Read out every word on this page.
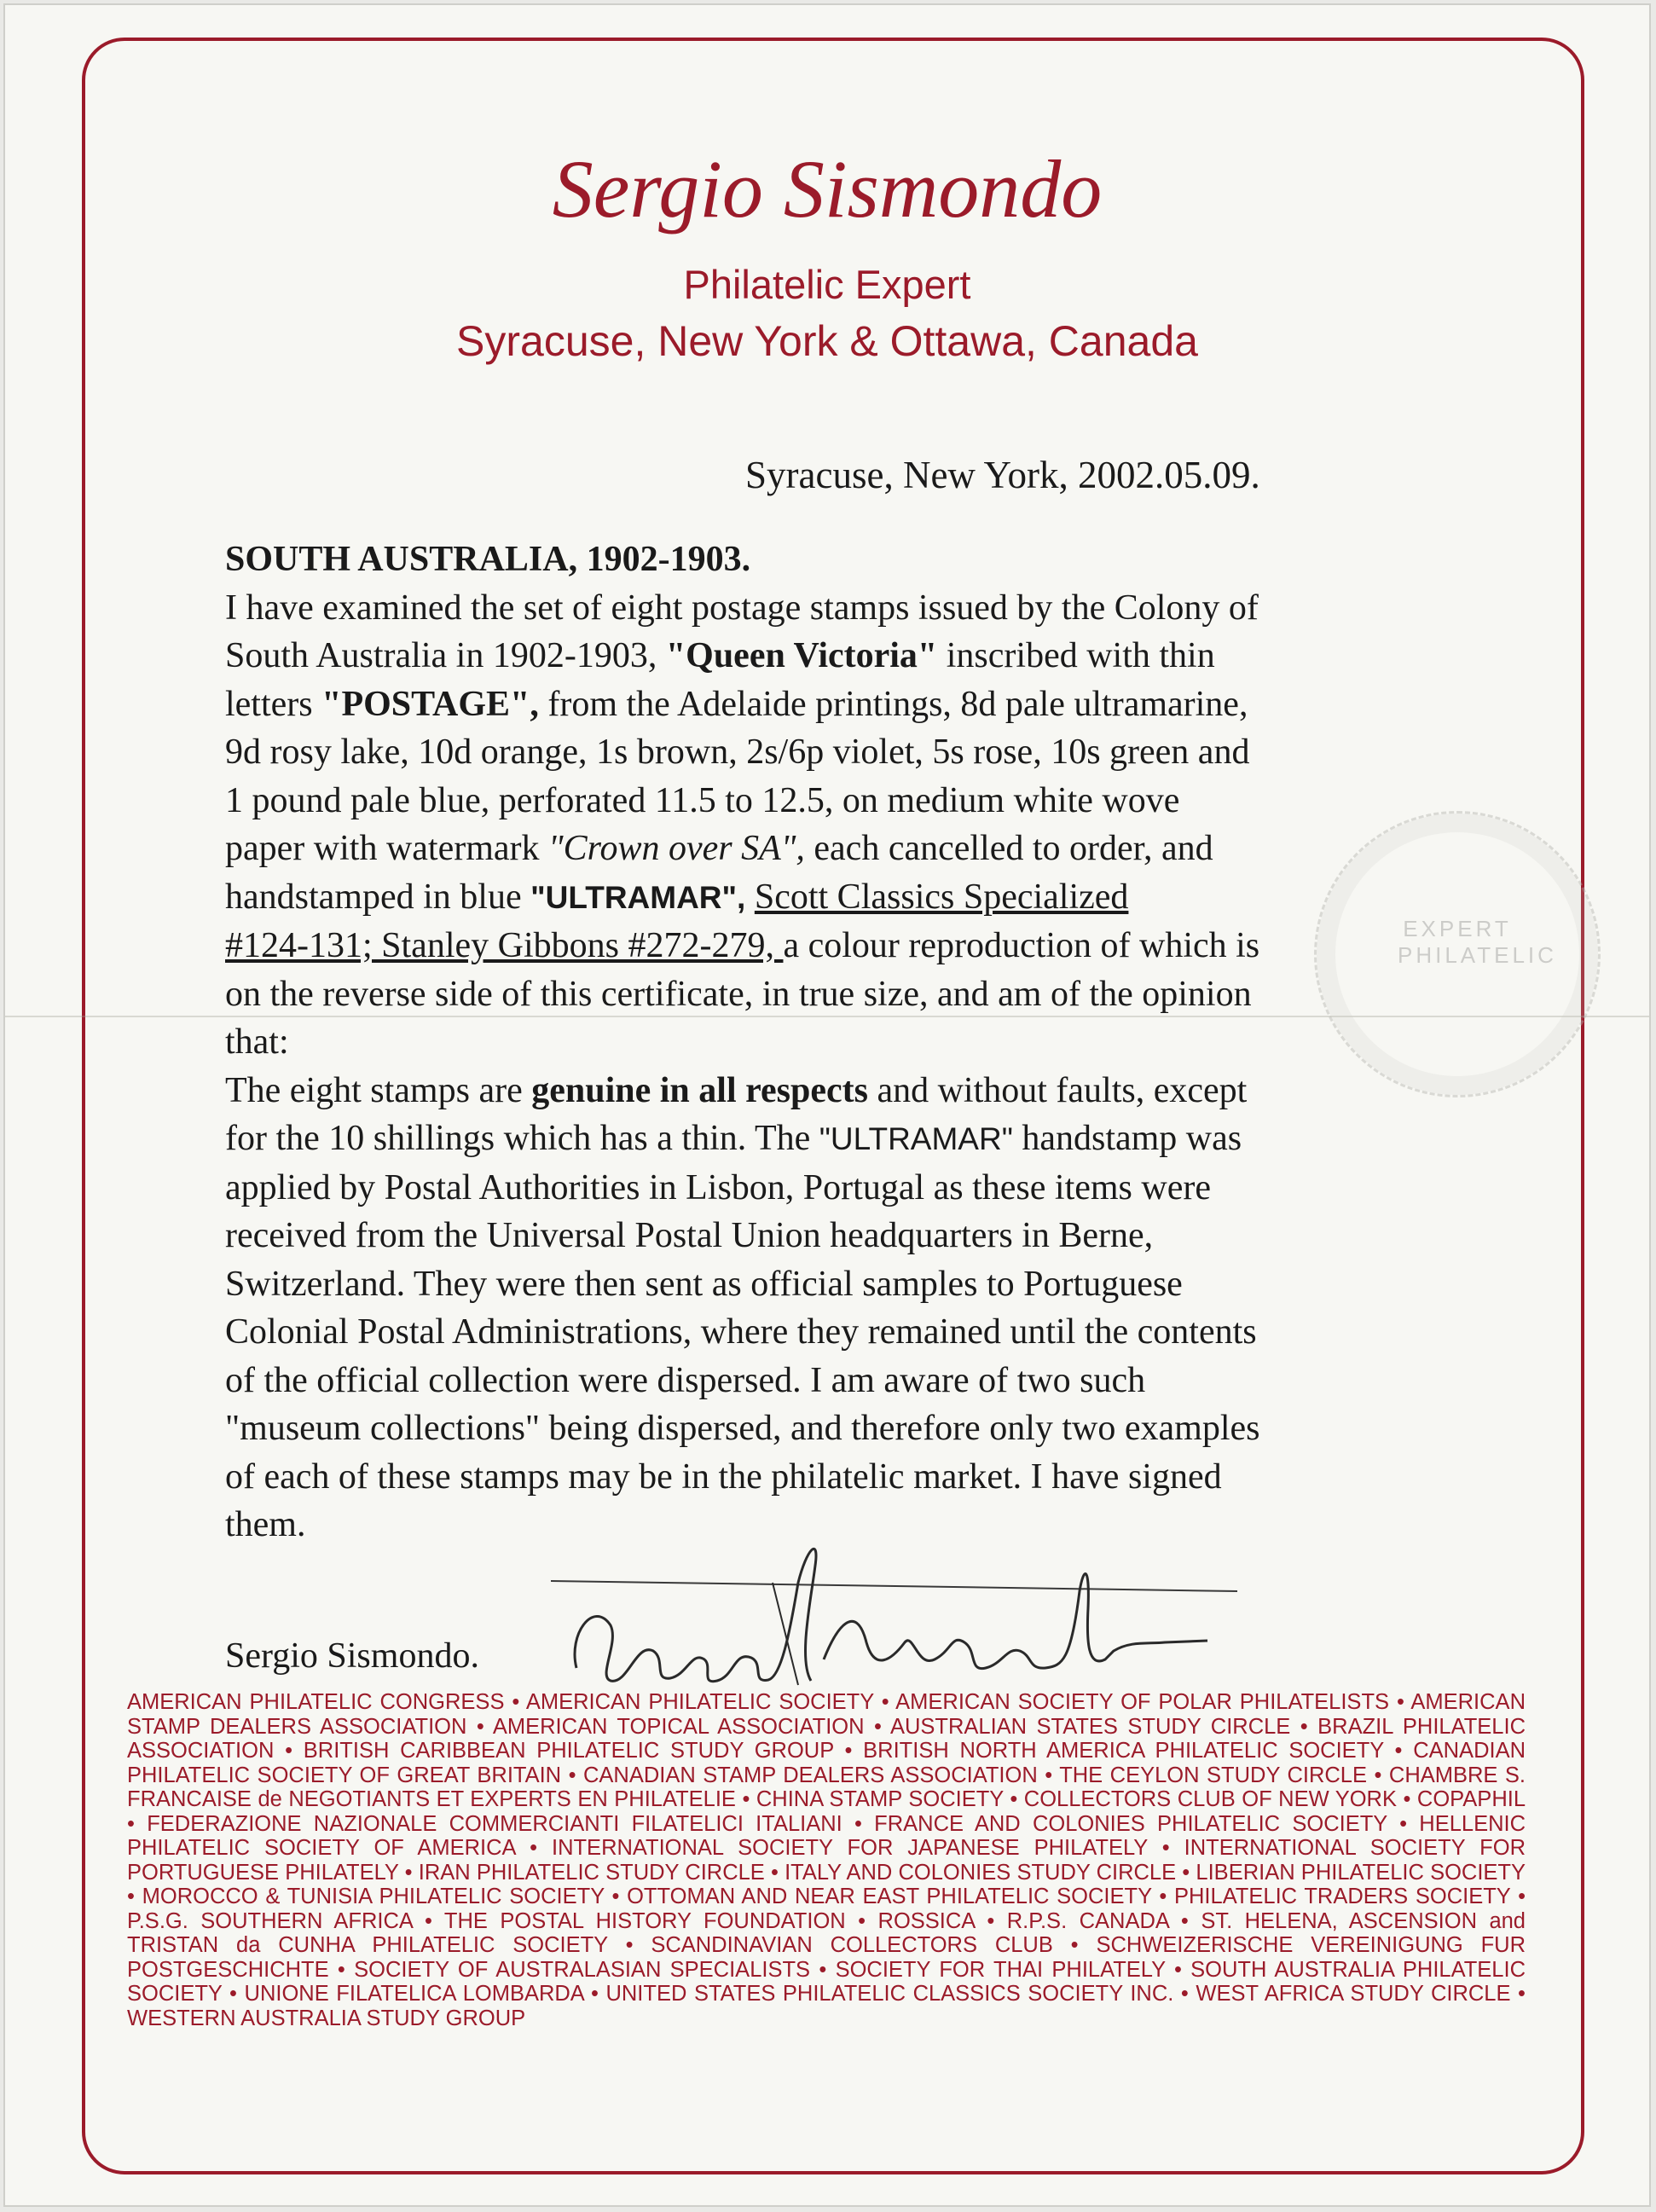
EXPERT PHILATELIC
Sergio Sismondo
Philatelic Expert
Syracuse, New York & Ottawa, Canada
Syracuse, New York, 2002.05.09.
SOUTH AUSTRALIA, 1902-1903.
I have examined the set of eight postage stamps issued by the Colony of
South Australia in 1902-1903, "Queen Victoria" inscribed with thin
letters "POSTAGE", from the Adelaide printings, 8d pale ultramarine,
9d rosy lake, 10d orange, 1s brown, 2s/6p violet, 5s rose, 10s green and
1 pound pale blue, perforated 11.5 to 12.5, on medium white wove
paper with watermark "Crown over SA", each cancelled to order, and
handstamped in blue "ULTRAMAR", Scott Classics Specialized
#124-131; Stanley Gibbons #272-279, a colour reproduction of which is
on the reverse side of this certificate, in true size, and am of the opinion
that:
The eight stamps are genuine in all respects and without faults, except
for the 10 shillings which has a thin. The "ULTRAMAR" handstamp was
applied by Postal Authorities in Lisbon, Portugal as these items were
received from the Universal Postal Union headquarters in Berne,
Switzerland. They were then sent as official samples to Portuguese
Colonial Postal Administrations, where they remained until the contents
of the official collection were dispersed. I am aware of two such
"museum collections" being dispersed, and therefore only two examples
of each of these stamps may be in the philatelic market. I have signed
them.
Sergio Sismondo.
AMERICAN PHILATELIC CONGRESS • AMERICAN PHILATELIC SOCIETY • AMERICAN SOCIETY OF POLAR PHILATELISTS • AMERICAN
STAMP DEALERS ASSOCIATION • AMERICAN TOPICAL ASSOCIATION • AUSTRALIAN STATES STUDY CIRCLE • BRAZIL PHILATELIC
ASSOCIATION • BRITISH CARIBBEAN PHILATELIC STUDY GROUP • BRITISH NORTH AMERICA PHILATELIC SOCIETY • CANADIAN
PHILATELIC SOCIETY OF GREAT BRITAIN • CANADIAN STAMP DEALERS ASSOCIATION • THE CEYLON STUDY CIRCLE • CHAMBRE S.
FRANCAISE de NEGOTIANTS ET EXPERTS EN PHILATELIE • CHINA STAMP SOCIETY • COLLECTORS CLUB OF NEW YORK • COPAPHIL
• FEDERAZIONE NAZIONALE COMMERCIANTI FILATELICI ITALIANI • FRANCE AND COLONIES PHILATELIC SOCIETY • HELLENIC
PHILATELIC SOCIETY OF AMERICA • INTERNATIONAL SOCIETY FOR JAPANESE PHILATELY • INTERNATIONAL SOCIETY FOR
PORTUGUESE PHILATELY • IRAN PHILATELIC STUDY CIRCLE • ITALY AND COLONIES STUDY CIRCLE • LIBERIAN PHILATELIC SOCIETY
• MOROCCO & TUNISIA PHILATELIC SOCIETY • OTTOMAN AND NEAR EAST PHILATELIC SOCIETY • PHILATELIC TRADERS SOCIETY •
P.S.G. SOUTHERN AFRICA • THE POSTAL HISTORY FOUNDATION • ROSSICA • R.P.S. CANADA • ST. HELENA, ASCENSION and
TRISTAN da CUNHA PHILATELIC SOCIETY • SCANDINAVIAN COLLECTORS CLUB • SCHWEIZERISCHE VEREINIGUNG FUR
POSTGESCHICHTE • SOCIETY OF AUSTRALASIAN SPECIALISTS • SOCIETY FOR THAI PHILATELY • SOUTH AUSTRALIA PHILATELIC
SOCIETY • UNIONE FILATELICA LOMBARDA • UNITED STATES PHILATELIC CLASSICS SOCIETY INC. • WEST AFRICA STUDY CIRCLE •
WESTERN AUSTRALIA STUDY GROUP
